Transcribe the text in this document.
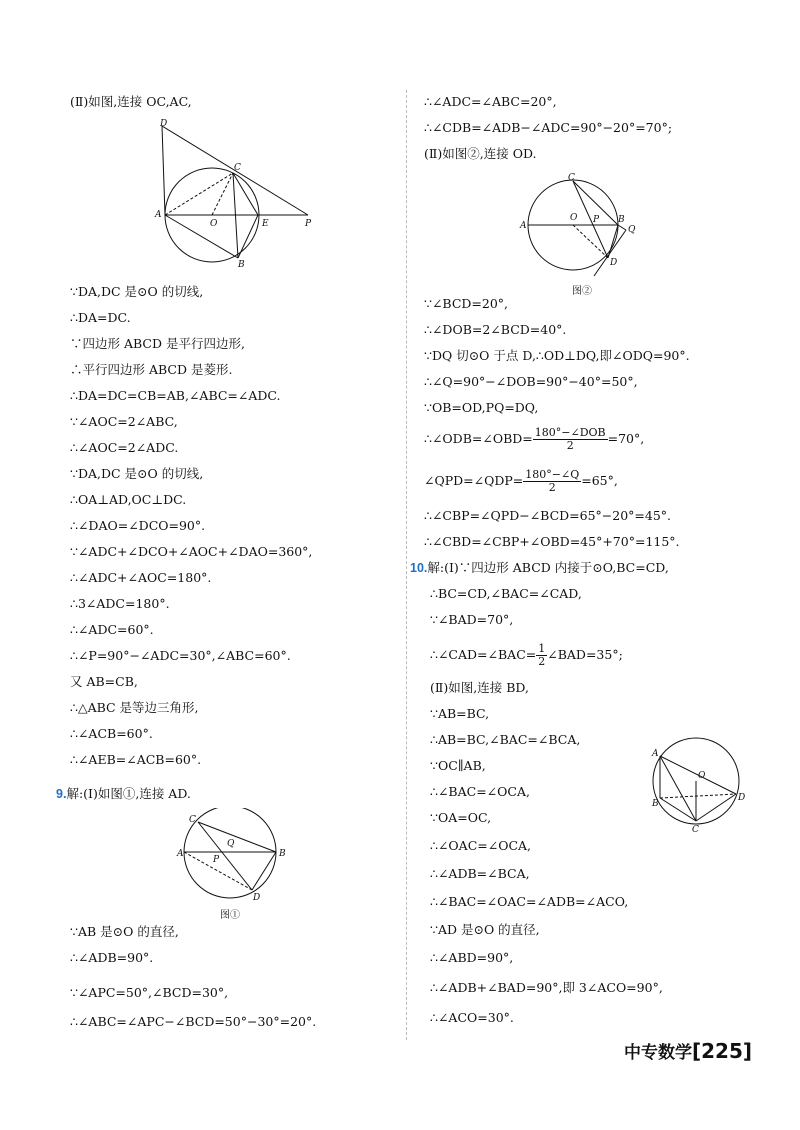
9.解:(Ⅰ)如图①,连接 AD.
10.解:(Ⅰ)∵四边形 ABCD 内接于⊙O,BC=CD,
∴∠ODB=∠OBD= $\frac{\text{180°−∠DOB}}{2} =70^\circ$,
∠QPD=∠QDP= $\frac{180^\circ-\angle Q}{2} =65^\circ$,
∴∠CAD=∠BAC= $\frac{1}{2}$ ∠BAD=35°;
D
C
A
O	E	P
B
C
A	B
Q
P
D
图①
C
A
O P B
Q
D
图②
A
O
B
D
C
中专数学[225]
(Ⅱ)如图,连接 OC,AC,
∵DA,DC 是⊙O 的切线,
∴DA=DC.
∵四边形 ABCD 是平行四边形,
∴平行四边形 ABCD 是菱形.
∴DA=DC=CB=AB,∠ABC=∠ADC.
∵∠AOC=2∠ABC,
∴∠AOC=2∠ADC.
∵DA,DC 是⊙O 的切线,
∴OA⊥AD,OC⊥DC.
∴∠DAO=∠DCO=90°.
∵∠ADC+∠DCO+∠AOC+∠DAO=360°,
∴∠ADC+∠AOC=180°.
∴3∠ADC=180°.
∴∠ADC=60°.
∴∠P=90°−∠ADC=30°,∠ABC=60°.
又 AB=CB,
∴△ABC 是等边三角形,
∴∠ACB=60°.
∴∠AEB=∠ACB=60°.
∵AB 是⊙O 的直径,
∴∠ADB=90°.
∵∠APC=50°,∠BCD=30°,
∴∠ABC=∠APC−∠BCD=50°−30°=20°.
∴∠ADC=∠ABC=20°,
∴∠CDB=∠ADB−∠ADC=90°−20°=70°;
(Ⅱ)如图②,连接 OD.
∵∠BCD=20°,
∴∠DOB=2∠BCD=40°.
∵DQ 切⊙O 于点 D,∴OD⊥DQ,即∠ODQ=90°.
∴∠Q=90°−∠DOB=90°−40°=50°,
∵OB=OD,PQ=DQ,
∴∠CBP=∠QPD−∠BCD=65°−20°=45°.
∴∠CBD=∠CBP+∠OBD=45°+70°=115°.
∴BC=CD,∠BAC=∠CAD,
∵∠BAD=70°,
(Ⅱ)如图,连接 BD,
∵AB=BC,
∴AB=BC,∠BAC=∠BCA,
∵OC∥AB,
∴∠BAC=∠OCA,
∵OA=OC,
∴∠OAC=∠OCA,
∴∠ADB=∠BCA,
∴∠BAC=∠OAC=∠ADB=∠ACO,
∵AD 是⊙O 的直径,
∴∠ABD=90°,
∴∠ADB+∠BAD=90°,即 3∠ACO=90°,
∴∠ACO=30°.
